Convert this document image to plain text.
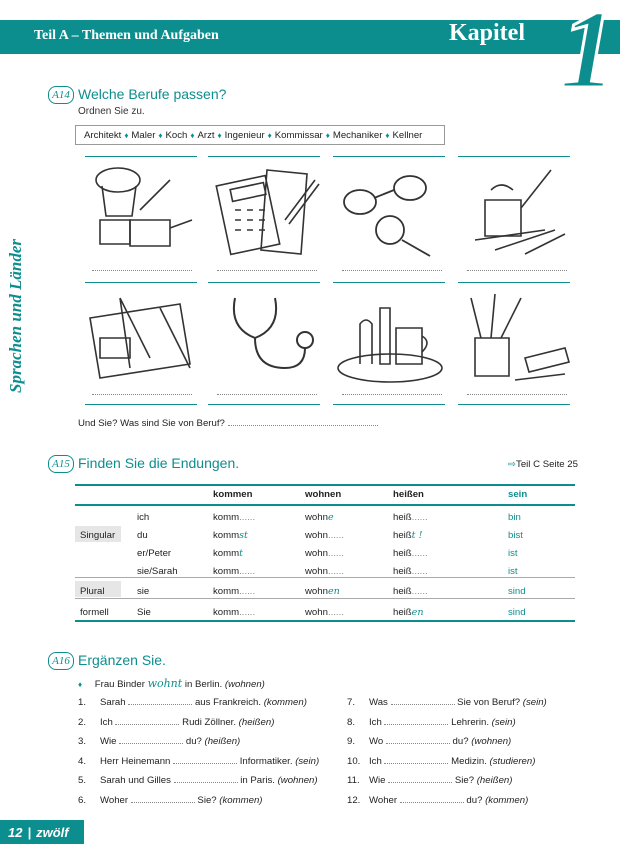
Teil A – Themen und Aufgaben	Kapitel 1
Sprachen und Länder
A14 Welche Berufe passen?
Ordnen Sie zu.
Architekt ♦ Maler ♦ Koch ♦ Arzt ♦ Ingenieur ♦ Kommissar ♦ Mechaniker ♦ Kellner
Und Sie? Was sind Sie von Beruf?
A15 Finden Sie die Endungen.	⇨Teil C Seite 25
kommen	wohnen	heißen	sein
ich	komm......	wohne	heiß......	bin
Singular du	kommst	wohn......	heißt !	bist
er/Peter	kommt	wohn......	heiß......	ist
sie/Sarah	komm......	wohn......	heiß......	ist
Plural	sie	komm......	wohnen	heiß......	sind
formell	Sie	komm......	wohn......	heißen	sind
A16 Ergänzen Sie.
♦ Frau Binder wohnt in Berlin. (wohnen)
1. Sarah	aus Frankreich. (kommen)
2. Ich	Rudi Zöllner. (heißen)
3. Wie	du? (heißen)
4. Herr Heinemann	Informatiker. (sein)
5. Sarah und Gilles	in Paris. (wohnen)
6. Woher	Sie? (kommen)
7. Was	Sie von Beruf? (sein)
8. Ich	Lehrerin. (sein)
9. Wo	du? (wohnen)
10. Ich	Medizin. (studieren)
11. Wie	Sie? (heißen)
12. Woher	du? (kommen)
12 | zwölf
